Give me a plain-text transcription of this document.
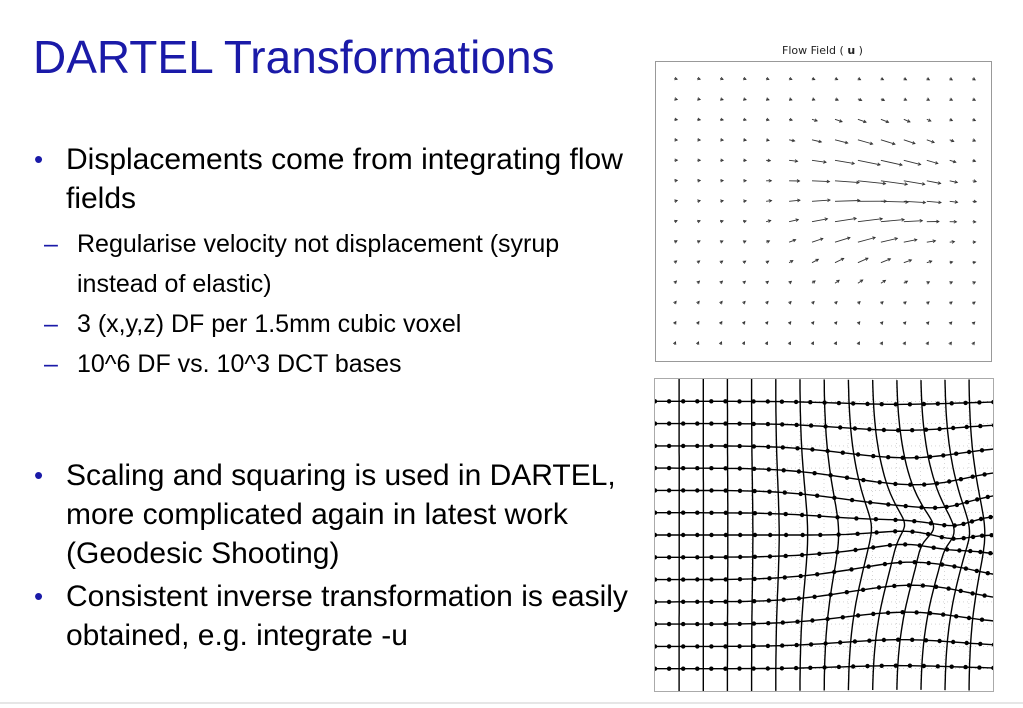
DARTEL Transformations
• Displacements come from integrating flow fields
– Regularise velocity not displacement (syrup instead of elastic)
– 3 (x,y,z) DF per 1.5mm cubic voxel
– 10^6 DF vs. 10^3 DCT bases
• Scaling and squaring is used in DARTEL, more complicated again in latest work (Geodesic Shooting)
• Consistent inverse transformation is easily obtained, e.g. integrate -u
Flow Field ( u )
